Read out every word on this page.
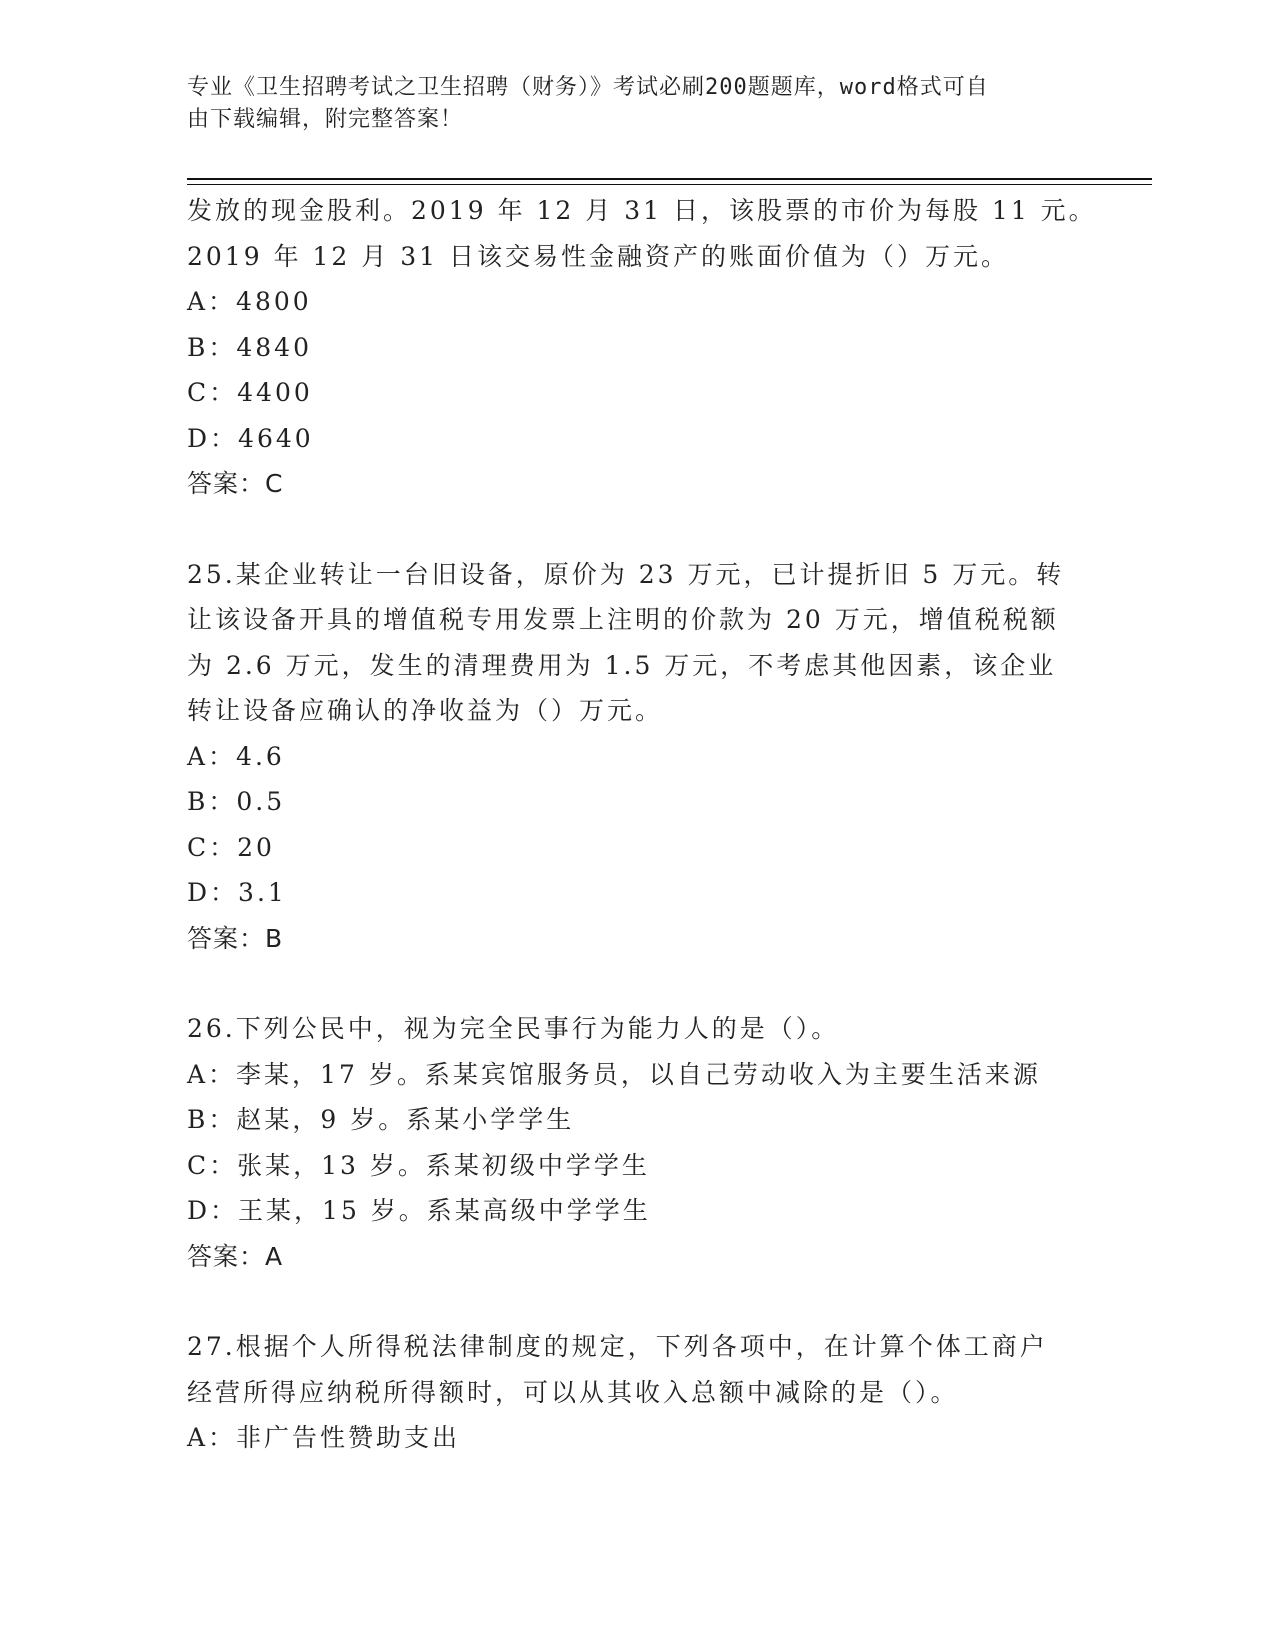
专业《卫生招聘考试之卫生招聘（财务）》考试必刷200题题库，word格式可自
由下载编辑，附完整答案！
发放的现金股利。2019 年 12 月 31 日，该股票的市价为每股 11 元。
2019 年 12 月 31 日该交易性金融资产的账面价值为（）万元。
A：4800
B：4840
C：4400
D：4640
答案：C
25.某企业转让一台旧设备，原价为 23 万元，已计提折旧 5 万元。转
让该设备开具的增值税专用发票上注明的价款为 20 万元，增值税税额
为 2.6 万元，发生的清理费用为 1.5 万元，不考虑其他因素，该企业
转让设备应确认的净收益为（）万元。
A：4.6
B：0.5
C：20
D：3.1
答案：B
26.下列公民中，视为完全民事行为能力人的是（）。
A：李某，17 岁。系某宾馆服务员，以自己劳动收入为主要生活来源
B：赵某，9 岁。系某小学学生
C：张某，13 岁。系某初级中学学生
D：王某，15 岁。系某高级中学学生
答案：A
27.根据个人所得税法律制度的规定，下列各项中，在计算个体工商户
经营所得应纳税所得额时，可以从其收入总额中减除的是（）。
A：非广告性赞助支出
